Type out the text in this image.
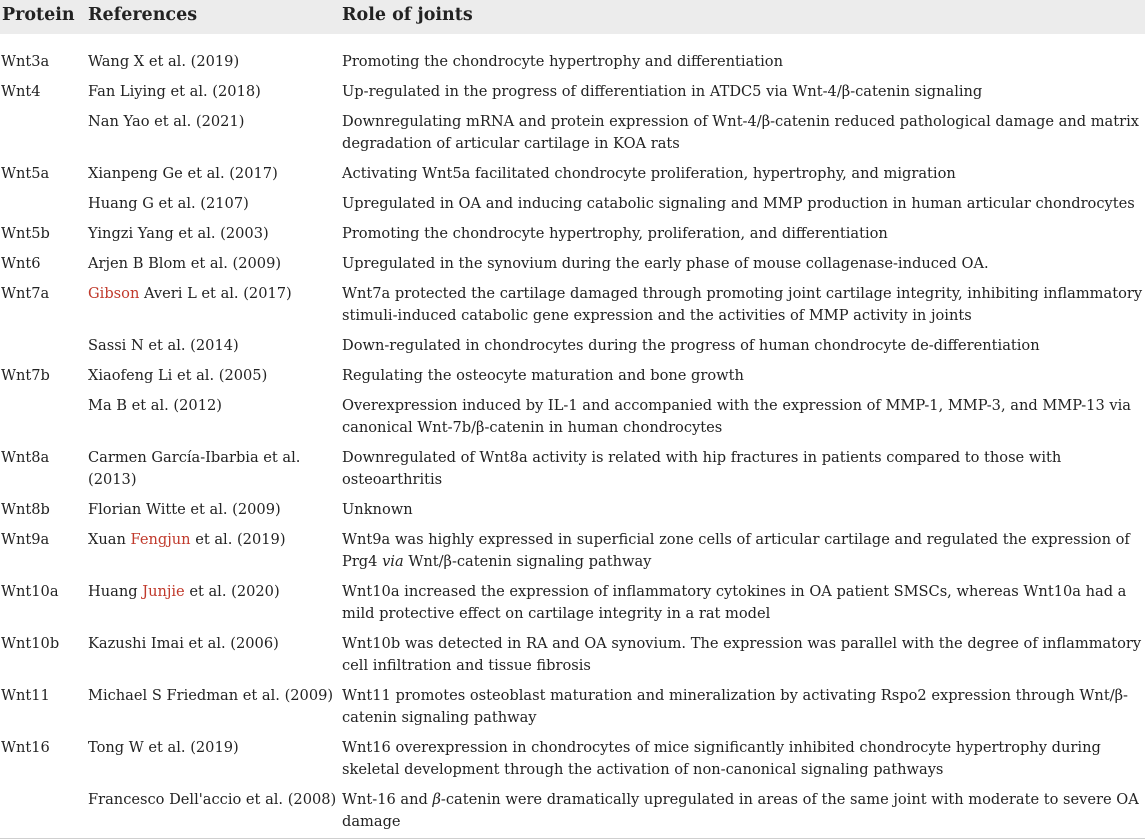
Protein	References	Role of joints

Wnt3a	Wang X et al. (2019)	Promoting the chondrocyte hypertrophy and differentiation
Wnt4	Fan Liying et al. (2018)	Up-regulated in the progress of differentiation in ATDC5 via Wnt-4/β-catenin signaling
	Nan Yao et al. (2021)	Downregulating mRNA and protein expression of Wnt-4/β-catenin reduced pathological damage and matrix degradation of articular cartilage in KOA rats
Wnt5a	Xianpeng Ge et al. (2017)	Activating Wnt5a facilitated chondrocyte proliferation, hypertrophy, and migration
	Huang G et al. (2107)	Upregulated in OA and inducing catabolic signaling and MMP production in human articular chondrocytes
Wnt5b	Yingzi Yang et al. (2003)	Promoting the chondrocyte hypertrophy, proliferation, and differentiation
Wnt6	Arjen B Blom et al. (2009)	Upregulated in the synovium during the early phase of mouse collagenase-induced OA.
Wnt7a	Gibson Averi L et al. (2017)	Wnt7a protected the cartilage damaged through promoting joint cartilage integrity, inhibiting inflammatory stimuli-induced catabolic gene expression and the activities of MMP activity in joints
	Sassi N et al. (2014)	Down-regulated in chondrocytes during the progress of human chondrocyte de-differentiation
Wnt7b	Xiaofeng Li et al. (2005)	Regulating the osteocyte maturation and bone growth
	Ma B et al. (2012)	Overexpression induced by IL-1 and accompanied with the expression of MMP-1, MMP-3, and MMP-13 via canonical Wnt-7b/β-catenin in human chondrocytes
Wnt8a	Carmen García-Ibarbia et al. (2013)	Downregulated of Wnt8a activity is related with hip fractures in patients compared to those with osteoarthritis
Wnt8b	Florian Witte et al. (2009)	Unknown
Wnt9a	Xuan Fengjun et al. (2019)	Wnt9a was highly expressed in superficial zone cells of articular cartilage and regulated the expression of Prg4 via Wnt/β-catenin signaling pathway
Wnt10a	Huang Junjie et al. (2020)	Wnt10a increased the expression of inflammatory cytokines in OA patient SMSCs, whereas Wnt10a had a mild protective effect on cartilage integrity in a rat model
Wnt10b	Kazushi Imai et al. (2006)	Wnt10b was detected in RA and OA synovium. The expression was parallel with the degree of inflammatory cell infiltration and tissue fibrosis
Wnt11	Michael S Friedman et al. (2009)	Wnt11 promotes osteoblast maturation and mineralization by activating Rspo2 expression through Wnt/β-catenin signaling pathway
Wnt16	Tong W et al. (2019)	Wnt16 overexpression in chondrocytes of mice significantly inhibited chondrocyte hypertrophy during skeletal development through the activation of non-canonical signaling pathways
	Francesco Dell'accio et al. (2008)	Wnt-16 and β-catenin were dramatically upregulated in areas of the same joint with moderate to severe OA damage
